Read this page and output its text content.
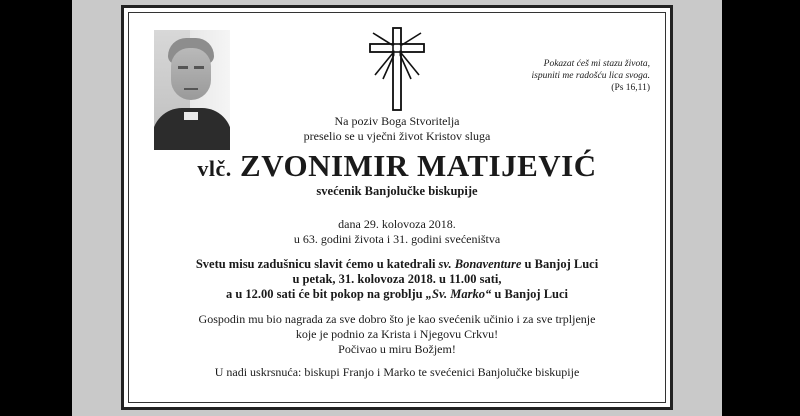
Pokazat ćeš mi stazu života,
ispuniti me radošću lica svoga.
(Ps 16,11)
Na poziv Boga Stvoritelja
preselio se u vječni život Kristov sluga
vlč. ZVONIMIR MATIJEVIĆ
svećenik Banjolučke biskupije
dana 29. kolovoza 2018.
u 63. godini života i 31. godini svećeništva
Svetu misu zadušnicu slavit ćemo u katedrali sv. Bonaventure u Banjoj Luci
u petak, 31. kolovoza 2018. u 11.00 sati,
a u 12.00 sati će bit pokop na groblju „Sv. Marko“ u Banjoj Luci
Gospodin mu bio nagrada za sve dobro što je kao svećenik učinio i za sve trpljenje
koje je podnio za Krista i Njegovu Crkvu!
Počivao u miru Božjem!
U nadi uskrsnuća: biskupi Franjo i Marko te svećenici Banjolučke biskupije
